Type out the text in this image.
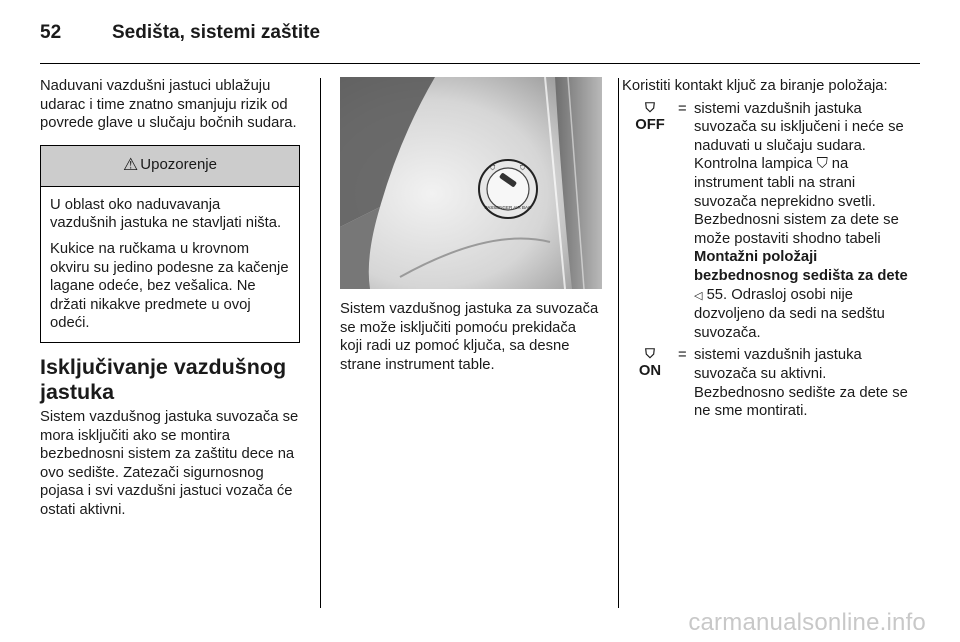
52	Sedišta, sistemi zaštite

Naduvani vazdušni jastuci ublažuju udarac i time znatno smanjuju rizik od povrede glave u slučaju bočnih sudara.

⚠ Upozorenje

U oblast oko naduvavanja vazdušnih jastuka ne stavljati ništa.

Kukice na ručkama u krovnom okviru su jedino podesne za kačenje lagane odeće, bez vešalica. Ne držati nikakve predmete u ovoj odeći.

Isključivanje vazdušnog jastuka

Sistem vazdušnog jastuka suvozača se mora isključiti ako se montira bezbednosni sistem za zaštitu dece na ovo sedište. Zatezači sigurnosnog pojasa i svi vazdušni jastuci vozača će ostati aktivni.

PASSENGER AIR BAG
⛉	⛉

Sistem vazdušnog jastuka za suvozača se može isključiti pomoću prekidača koji radi uz pomoć ključa, sa desne strane instrument table.

Koristiti kontakt ključ za biranje položaja:

⛉
OFF
= sistemi vazdušnih jastuka suvozača su isključeni i neće se naduvati u slučaju sudara. Kontrolna lampica ⛉ na instrument tabli na strani suvozača neprekidno svetli. Bezbednosni sistem za dete se može postaviti shodno tabeli Montažni položaji bezbednosnog sedišta za dete ◁ 55. Odrasloj osobi nije dozvoljeno da sedi na sedštu suvozača.
⛉
ON
= sistemi vazdušnih jastuka suvozača su aktivni. Bezbednosno sedište za dete se ne sme montirati.
carmanualsonline.info
